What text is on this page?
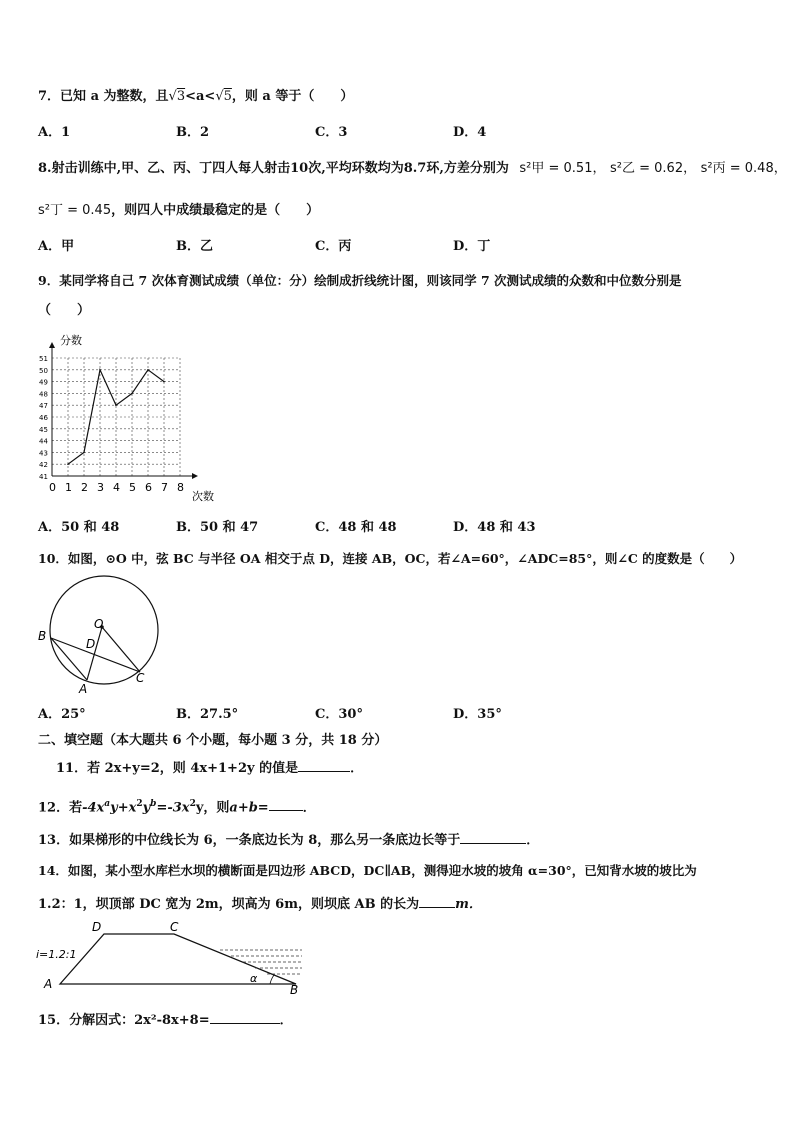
7．已知 a 为整数，且√3<a<√5，则 a 等于（　　）
A．1	B．2	C．3	D．4
8.射击训练中,甲、乙、丙、丁四人每人射击10次,平均环数均为8.7环,方差分别为 s²甲 = 0.51， s²乙 = 0.62， s²丙 = 0.48，
s²丁 = 0.45，则四人中成绩最稳定的是（　　）
A．甲	B．乙	C．丙	D．丁
9．某同学将自己 7 次体育测试成绩（单位：分）绘制成折线统计图，则该同学 7 次测试成绩的众数和中位数分别是
（　　）
0 1 2 3 4 5 6 7 8
41
42
43
44
45
46
47
48
49
50
51
分数
次数
A．50 和 48	B．50 和 47	C．48 和 48	D．48 和 43
10．如图，⊙O 中，弦 BC 与半径 OA 相交于点 D，连接 AB，OC，若∠A=60°，∠ADC=85°，则∠C 的度数是（　　）
O
B
D
A
C
A．25°	B．27.5°	C．30°	D．35°
二、填空题（本大题共 6 个小题，每小题 3 分，共 18 分）
11．若 2x+y=2，则 4x+1+2y 的值是	．
12．若$-4x^ay+x^2y^b=-3x^2y$，则a+b=	．
13．如果梯形的中位线长为 6，一条底边长为 8，那么另一条底边长等于	．
14．如图，某小型水库栏水坝的横断面是四边形 ABCD，DC∥AB，测得迎水坡的坡角 α=30°，已知背水坡的坡比为
1.2：1，坝顶部 DC 宽为 2m，坝高为 6m，则坝底 AB 的长为	m．
D	C
A	B
i=1.2:1
α
15．分解因式：2x²-8x+8=	．
